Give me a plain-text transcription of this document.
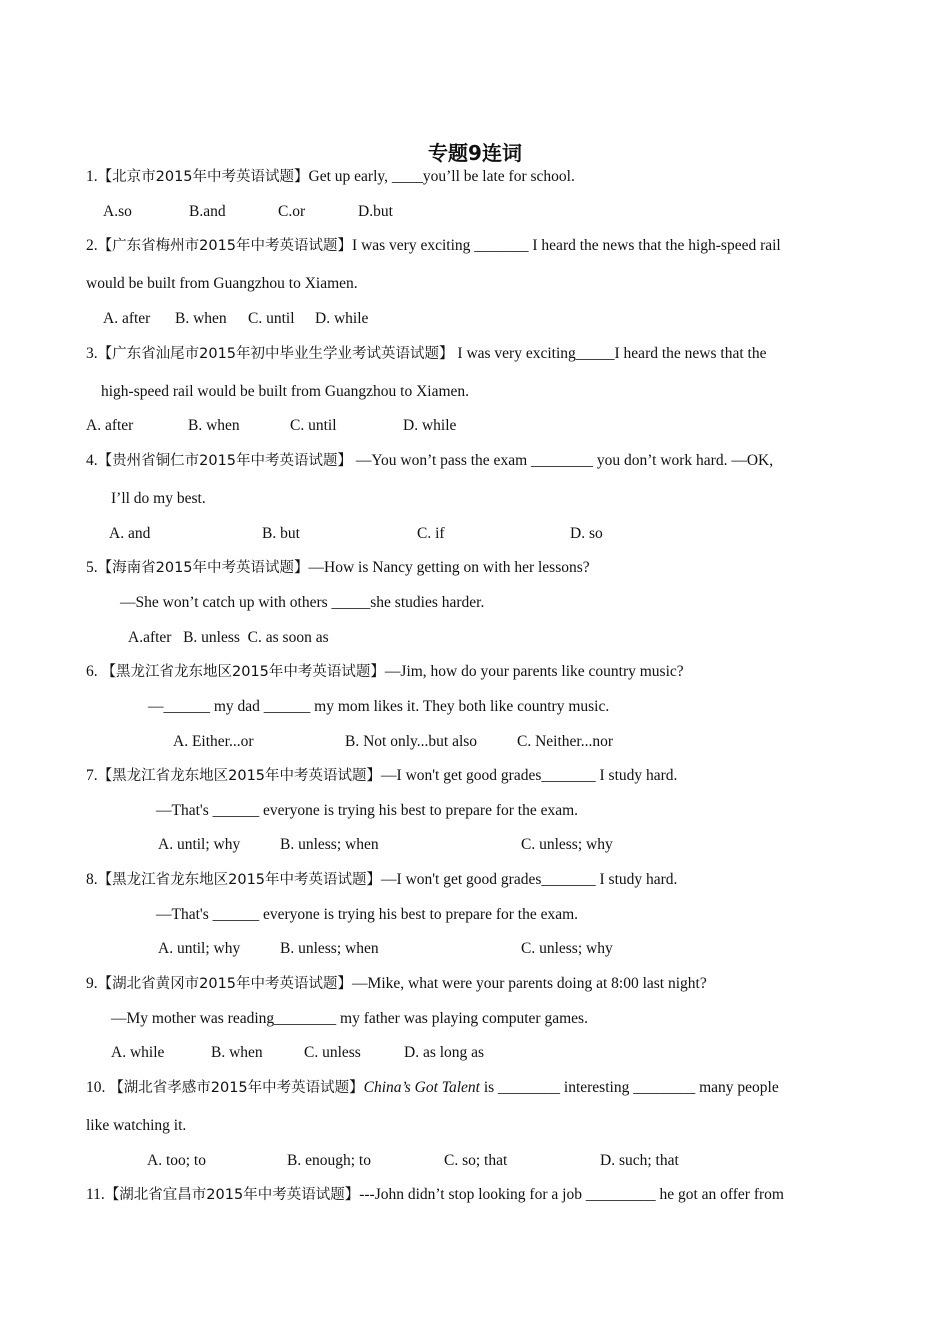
专题9连词
1.【北京市2015年中考英语试题】Get up early, ____you’ll be late for school.
A.so	B.and	C.or	D.but
2.【广东省梅州市2015年中考英语试题】I was very exciting _______ I heard the news that the high-speed rail
would be built from Guangzhou to Xiamen.
A. after B. when C. until D. while
3.【广东省汕尾市2015年初中毕业生学业考试英语试题】 I was very exciting_____I heard the news that the
high-speed rail would be built from Guangzhou to Xiamen.
A. after	B. when	C. until	D. while
4.【贵州省铜仁市2015年中考英语试题】 —You won’t pass the exam ________ you don’t work hard. —OK,
I’ll do my best.
A. and	B. but	C. if	D. so
5.【海南省2015年中考英语试题】—How is Nancy getting on with her lessons?
—She won’t catch up with others _____she studies harder.
A.after   B. unless  C. as soon as
6. 【黑龙江省龙东地区2015年中考英语试题】—Jim, how do your parents like country music?
—______ my dad ______ my mom likes it. They both like country music.
A. Either...or	B. Not only...but also	C. Neither...nor
7.【黑龙江省龙东地区2015年中考英语试题】—I won't get good grades_______ I study hard.
—That's ______ everyone is trying his best to prepare for the exam.
A. until; why	B. unless; when	C. unless; why
8.【黑龙江省龙东地区2015年中考英语试题】—I won't get good grades_______ I study hard.
—That's ______ everyone is trying his best to prepare for the exam.
A. until; why	B. unless; when	C. unless; why
9.【湖北省黄冈市2015年中考英语试题】—Mike, what were your parents doing at 8:00 last night?
—My mother was reading________ my father was playing computer games.
A. while	B. when	C. unless	D. as long as
10. 【湖北省孝感市2015年中考英语试题】China’s Got Talent is ________ interesting ________ many people
like watching it.
A. too; to	B. enough; to	C. so; that	D. such; that
11.【湖北省宜昌市2015年中考英语试题】---John didn’t stop looking for a job _________ he got an offer from
